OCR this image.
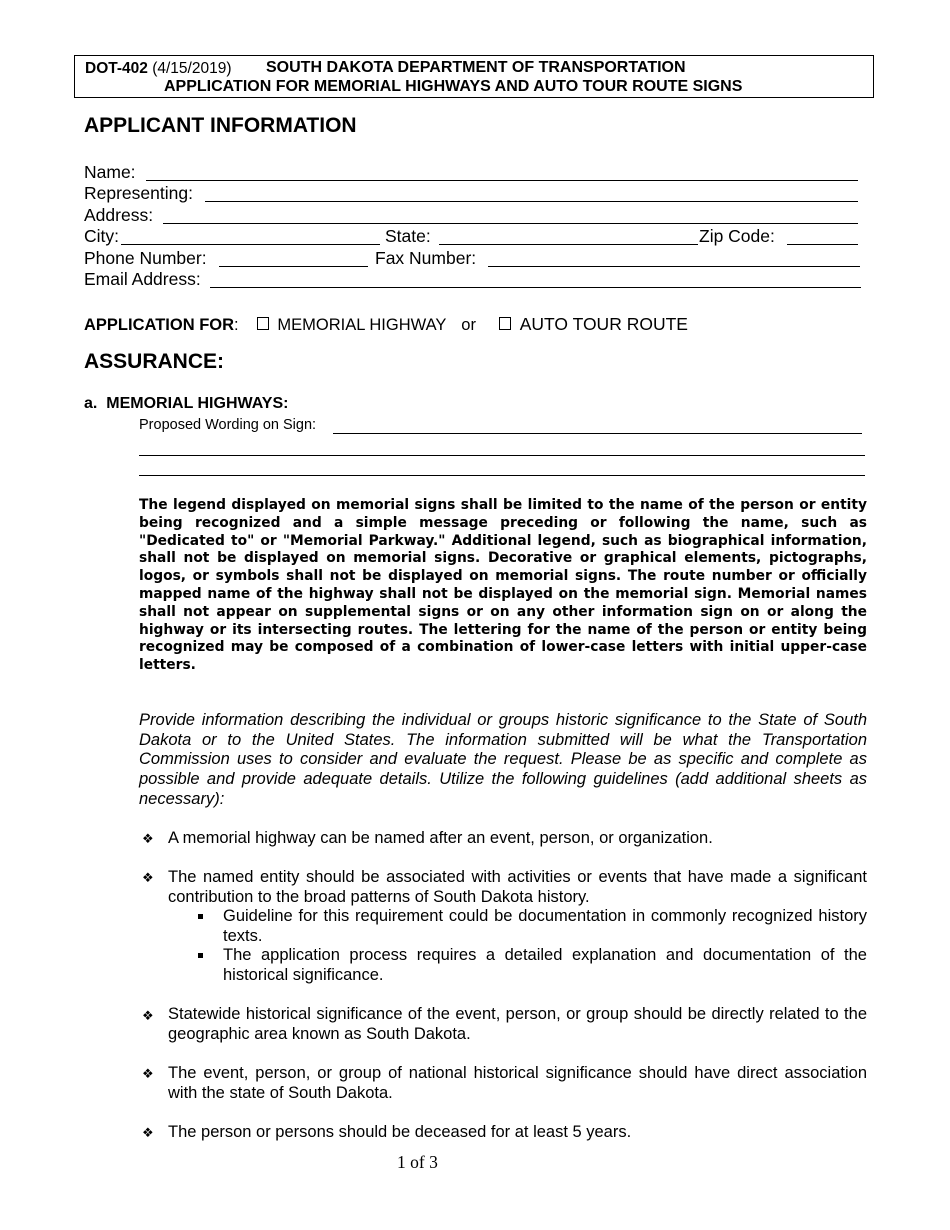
DOT-402 (4/15/2019) SOUTH DAKOTA DEPARTMENT OF TRANSPORTATION
APPLICATION FOR MEMORIAL HIGHWAYS AND AUTO TOUR ROUTE SIGNS
APPLICANT INFORMATION
Name:
Representing:
Address:
City:	State:	Zip Code:
Phone Number:	Fax Number:
Email Address:
APPLICATION FOR: MEMORIAL HIGHWAY or	AUTO TOUR ROUTE
ASSURANCE:
a. MEMORIAL HIGHWAYS:
Proposed Wording on Sign:
The legend displayed on memorial signs shall be limited to the name of the person or entity being recognized and a simple message preceding or following the name, such as "Dedicated to" or "Memorial Parkway." Additional legend, such as biographical information, shall not be displayed on memorial signs. Decorative or graphical elements, pictographs, logos, or symbols shall not be displayed on memorial signs. The route number or officially mapped name of the highway shall not be displayed on the memorial sign. Memorial names shall not appear on supplemental signs or on any other information sign on or along the highway or its intersecting routes. The lettering for the name of the person or entity being recognized may be composed of a combination of lower-case letters with initial upper-case letters.
Provide information describing the individual or groups historic significance to the State of South Dakota or to the United States. The information submitted will be what the Transportation Commission uses to consider and evaluate the request. Please be as specific and complete as possible and provide adequate details. Utilize the following guidelines (add additional sheets as necessary):
❖ A memorial highway can be named after an event, person, or organization.
❖ The named entity should be associated with activities or events that have made a significant contribution to the broad patterns of South Dakota history.
Guideline for this requirement could be documentation in commonly recognized history texts.
The application process requires a detailed explanation and documentation of the historical significance.
❖ Statewide historical significance of the event, person, or group should be directly related to the geographic area known as South Dakota.
❖ The event, person, or group of national historical significance should have direct association with the state of South Dakota.
❖ The person or persons should be deceased for at least 5 years.
1 of 3
